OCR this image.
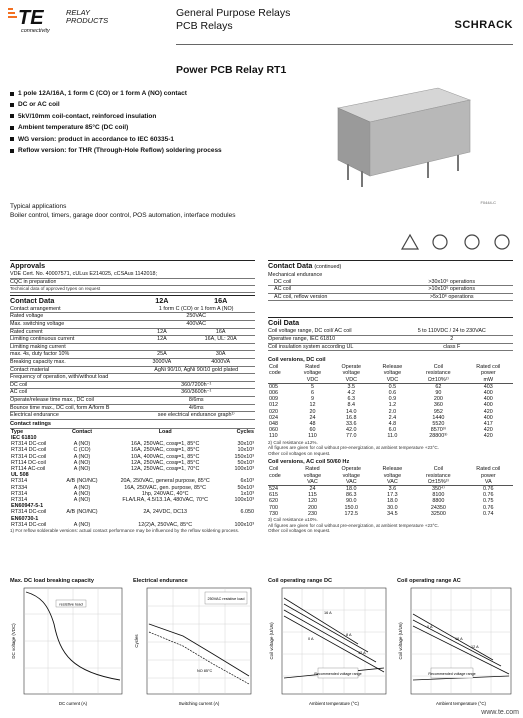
TE
connectivity
RELAY
PRODUCTS
General Purpose Relays
PCB Relays	SCHRACK
Power PCB Relay RT1
1 pole 12A/16A, 1 form C (CO) or 1 form A (NO) contact
DC or AC coil
5kV/10mm coil-contact, reinforced insulation
Ambient temperature 85°C (DC coil)
WG version: product in accordance to IEC 60335-1
Reflow version: for THR (Through-Hole Reflow) soldering process
F0444-C
Typical applications
Boiler control, timers, garage door control, POS automation, interface modules
Approvals
VDE Cert. No. 40007571, cULus E214025, cCSAus 1142018;
CQC in preparation
Technical data of approved types on request
Contact Data	12A	16A
Contact arrangement	1 form C (CO) or 1 form A (NO)
Rated voltage	250VAC
Max. switching voltage	400VAC
Rated current	12A	16A
Limiting continuous current	12A	16A, UL: 20A
Limiting making current
max. 4s, duty factor 10%	25A	30A
Breaking capacity max.	3000VA	4000VA
Contact material	AgNi 90/10, AgNi 90/10 gold plated
Frequency of operation, with/without load
DC coil	360/7200h⁻¹
AC coil	360/3600h⁻¹
Operate/release time max., DC coil	8/6ms
Bounce time max., DC coil, form A/form B	4/6ms
Electrical endurance	see electrical endurance graph¹⁾
Contact ratings
Type	Contact	Load	Cycles
IEC 61810			
RT314 DC-coil	A (NO)	16A, 250VAC, cosφ=1, 85°C	30x10³
RT314 DC-coil	C (CO)	16A, 250VAC, cosφ=1, 85°C	10x10³
RT314 DC-coil	A (NO)	10A, 400VAC, cosφ=1, 85°C	150x10³
RT114 DC-coil	A (NO)	12A, 250VAC, cosφ=1, 85°C	50x10³
RT114 AC-coil	A (NO)	12A, 250VAC, cosφ=1, 70°C	100x10³
UL 508			
RT314	A/B (NO/NC)	20A, 250VAC, general purpose, 85°C	6x10³
RT334	A (NO)	16A, 250VAC, gen. purpose, 85°C	50x10³
RT314	A (NO)	1hp, 240VAC, 40°C	1x10³
RT314	A (NO)	FLA/LRA, 4.5/13.1A, 480VAC, 70°C	100x10³
EN60947-5-1			
RT314 DC-coil	A/B (NO/NC)	2A, 24VDC, DC13	6.050
EN60730-1			
RT314 DC-coil	A (NO)	12(2)A, 250VAC, 85°C	100x10³
1) For reflow solderable versions: actual contact performance may be influenced by the reflow soldering process.
Contact Data (continued)
Mechanical endurance
DC coil	>30x10⁶ operations
AC coil	>10x10⁶ operations
AC coil, reflow version	>5x10⁶ operations
Coil Data
Coil voltage range, DC coil/ AC coil	5 to 110VDC / 24 to 230VAC
Operative range, IEC 61810	2
Coil insulation system according UL	class F
Coil versions, DC coil
Coil	Rated	Operate	Release	Coil	Rated coil
code	voltage	voltage	voltage	resistance	power
	VDC	VDC	VDC	Ω±10%²⁾	mW
005	5	3.5	0.5	62	403
006	6	4.2	0.6	90	400
009	9	6.3	0.9	200	400
012	12	8.4	1.2	360	400
020	20	14.0	2.0	952	420
024	24	16.8	2.4	1440	400
048	48	33.6	4.8	5520	417
060	60	42.0	6.0	8570³⁾	420
110	110	77.0	11.0	28800³⁾	420
2) Coil resistance ±12%.
All figures are given for coil without pre-energization, at ambient temperature +23°C.
Other coil voltages on request.
Coil versions, AC coil 50/60 Hz
Coil	Rated	Operate	Release	Coil	Rated coil
code	voltage	voltage	voltage	resistance	power
	VAC	VAC	VAC	Ω±15%³⁾	VA
524	24	18.0	3.6	350⁴⁾	0.76
615	115	86.3	17.3	8100	0.76
620	120	90.0	18.0	8800	0.75
700	200	150.0	30.0	24350	0.76
730	230	172.5	34.5	32500	0.74
3) Coil resistance ±10%.
All figures are given for coil without pre-energization, at ambient temperature +23°C.
Other coil voltages on request.
Max. DC load breaking capacity
resistive load
DC current (A)
DC voltage (VDC)
Electrical endurance
250VAC resistive load
NO 85°C
Switching current (A)
Cycles
Coil operating range DC
16 A
12 A
8 A
0 A
Recommended voltage range
Ambient temperature (°C)
Coil voltage (U/Un)
Coil operating range AC
16 A
12 A
0 A
Recommended voltage range
Ambient temperature (°C)
Coil voltage (U/Un)
www.te.com
